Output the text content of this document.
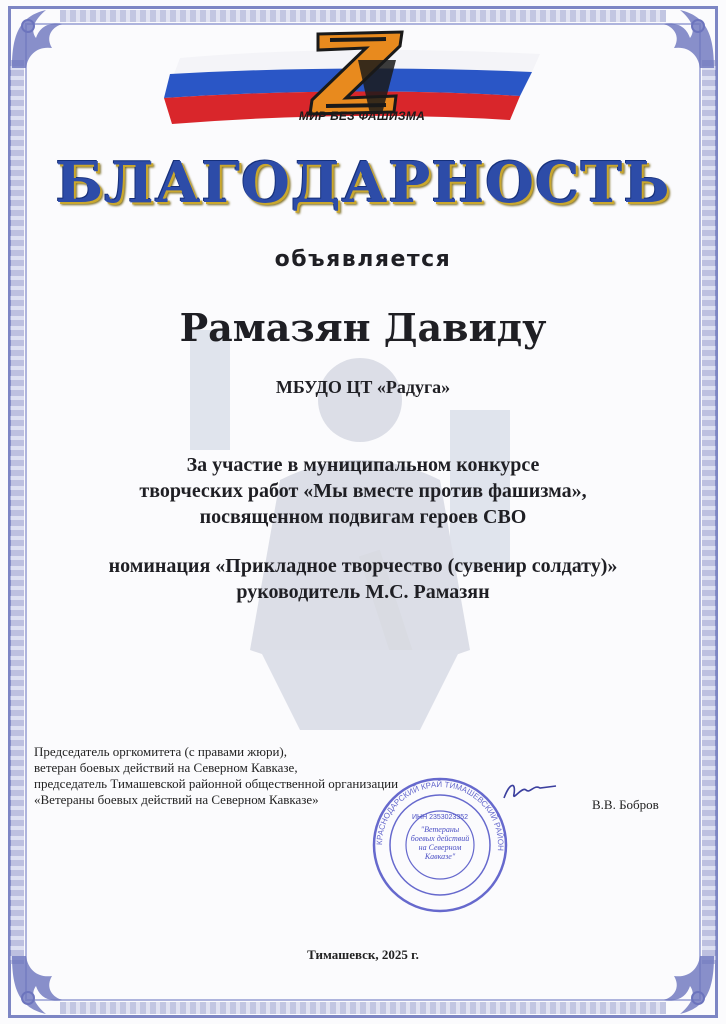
МИР БЕЗ ФАШИЗМА
БЛАГОДАРНОСТЬ
объявляется
Рамазян Давиду
МБУДО ЦТ «Радуга»
За участие в муниципальном конкурсе
творческих работ «Мы вместе против фашизма»,
посвященном подвигам героев СВО
номинация «Прикладное творчество (сувенир солдату)»
руководитель М.С. Рамазян
Председатель оргкомитета (с правами жюри),
ветеран боевых действий на Северном Кавказе,
председатель Тимашевской районной общественной организации
«Ветераны боевых действий на Северном Кавказе»
КРАСНОДАРСКИЙ КРАЙ ТИМАШЕВСКИЙ РАЙОН
ИНН 2353023352
"Ветераны боевых действий на Северном Кавказе"
В.В. Бобров
Тимашевск, 2025 г.
